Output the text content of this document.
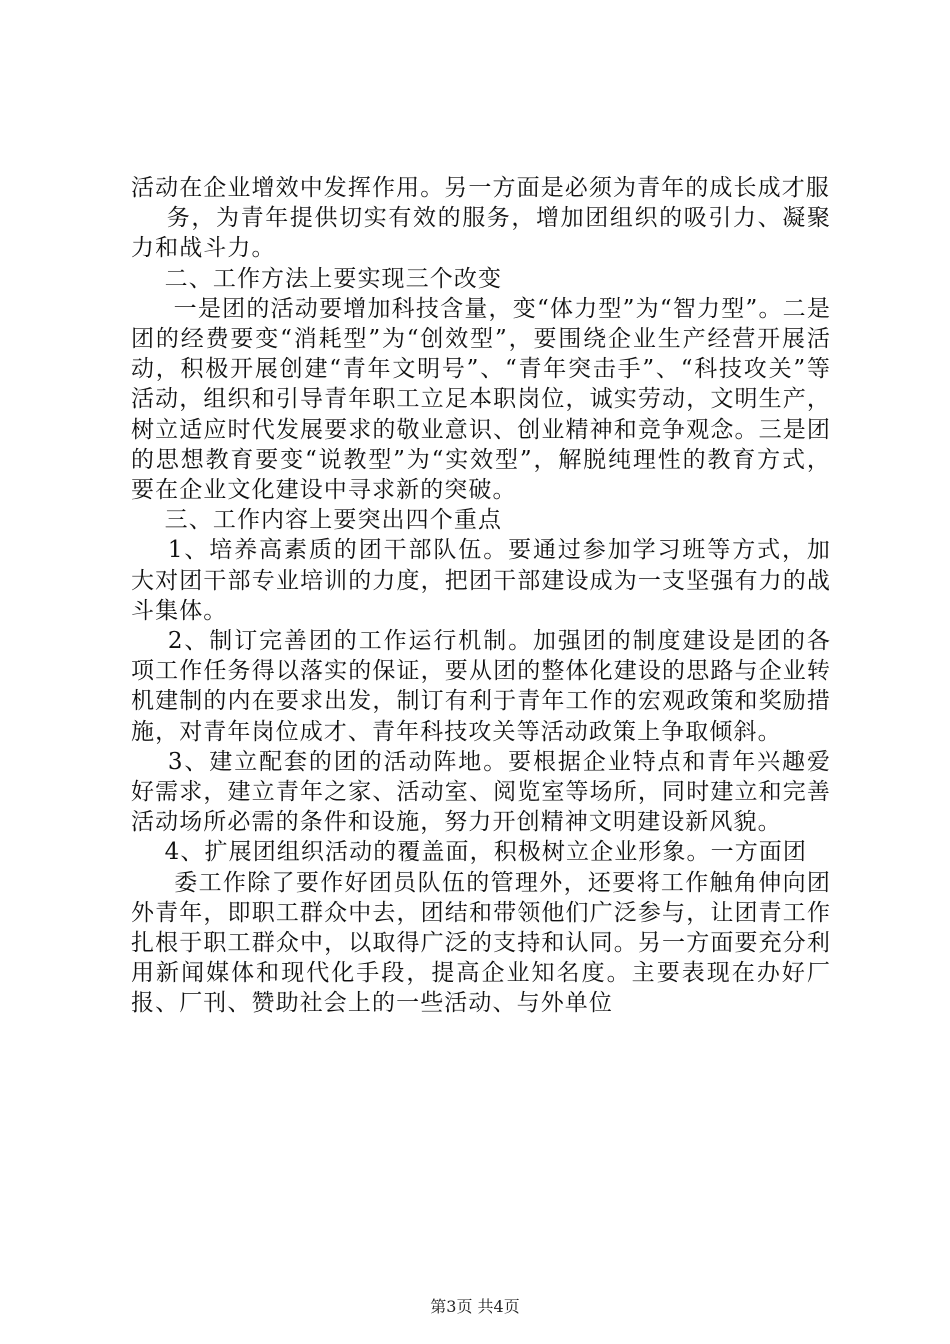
活动在企业增效中发挥作用。另一方面是必须为青年的成长成才服

务，为青年提供切实有效的服务，增加团组织的吸引力、凝聚力和战斗力。

二、工作方法上要实现三个改变

一是团的活动要增加科技含量，变“体力型”为“智力型”。二是团的经费要变“消耗型”为“创效型”，要围绕企业生产经营开展活动，积极开展创建“青年文明号”、“青年突击手”、“科技攻关”等活动，组织和引导青年职工立足本职岗位，诚实劳动，文明生产，树立适应时代发展要求的敬业意识、创业精神和竞争观念。三是团的思想教育要变“说教型”为“实效型”，解脱纯理性的教育方式，要在企业文化建设中寻求新的突破。

三、工作内容上要突出四个重点

1、培养高素质的团干部队伍。要通过参加学习班等方式，加大对团干部专业培训的力度，把团干部建设成为一支坚强有力的战斗集体。

2、制订完善团的工作运行机制。加强团的制度建设是团的各项工作任务得以落实的保证，要从团的整体化建设的思路与企业转机建制的内在要求出发，制订有利于青年工作的宏观政策和奖励措施，对青年岗位成才、青年科技攻关等活动政策上争取倾斜。

3、建立配套的团的活动阵地。要根据企业特点和青年兴趣爱好需求，建立青年之家、活动室、阅览室等场所，同时建立和完善活动场所必需的条件和设施，努力开创精神文明建设新风貌。

4、扩展团组织活动的覆盖面，积极树立企业形象。一方面团

委工作除了要作好团员队伍的管理外，还要将工作触角伸向团外青年，即职工群众中去，团结和带领他们广泛参与，让团青工作扎根于职工群众中，以取得广泛的支持和认同。另一方面要充分利用新闻媒体和现代化手段，提高企业知名度。主要表现在办好厂报、厂刊、赞助社会上的一些活动、与外单位

第3页 共4页
